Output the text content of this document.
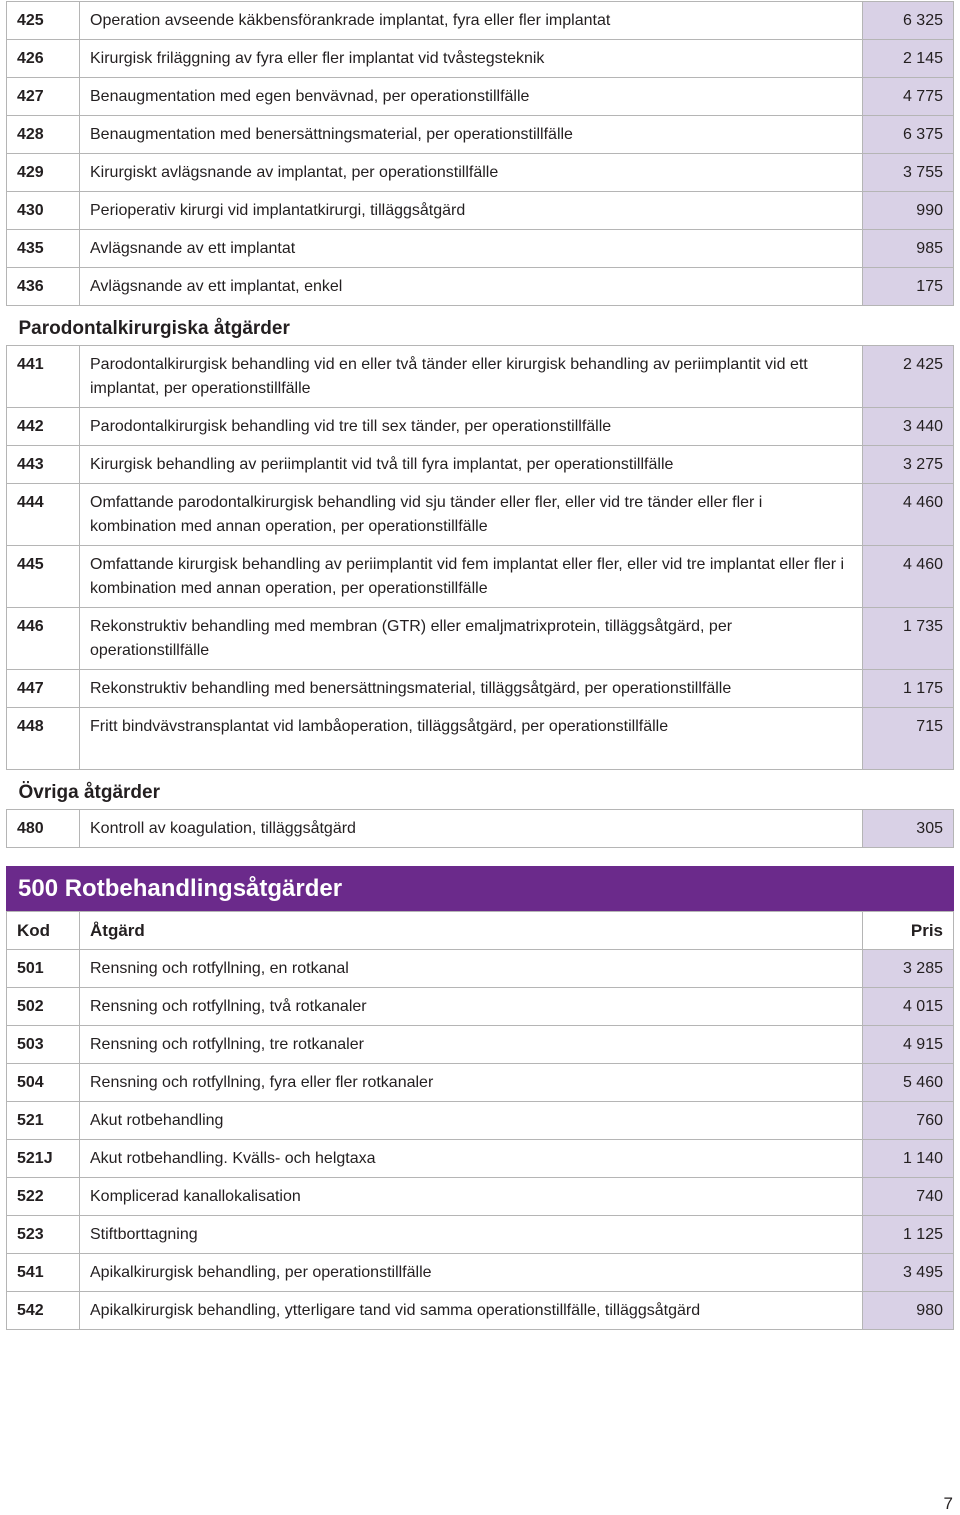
425	Operation avseende käkbensförankrade implantat, fyra eller fler implantat	6 325
426	Kirurgisk friläggning av fyra eller fler implantat vid tvåstegsteknik	2 145
427	Benaugmentation med egen benvävnad, per operationstillfälle	4 775
428	Benaugmentation med benersättningsmaterial, per operationstillfälle	6 375
429	Kirurgiskt avlägsnande av implantat, per operationstillfälle	3 755
430	Perioperativ kirurgi vid implantatkirurgi, tilläggsåtgärd	990
435	Avlägsnande av ett implantat	985
436	Avlägsnande av ett implantat, enkel	175
Parodontalkirurgiska åtgärder		
441	Parodontalkirurgisk behandling vid en eller två tänder eller kirurgisk behandling av periimplantit vid ett implantat, per operationstillfälle	2 425
442	Parodontalkirurgisk behandling vid tre till sex tänder, per operationstillfälle	3 440
443	Kirurgisk behandling av periimplantit vid två till fyra implantat, per operationstillfälle	3 275
444	Omfattande parodontalkirurgisk behandling vid sju tänder eller fler, eller vid tre tänder eller fler i kombination med annan operation, per operationstillfälle	4 460
445	Omfattande kirurgisk behandling av periimplantit vid fem implantat eller fler, eller vid tre implantat eller fler i kombination med annan operation, per operationstillfälle	4 460
446	Rekonstruktiv behandling med membran (GTR) eller emaljmatrixprotein, tilläggsåtgärd, per operationstillfälle	1 735
447	Rekonstruktiv behandling med benersättningsmaterial, tilläggsåtgärd, per operationstillfälle	1 175
448	Fritt bindvävstransplantat vid lambåoperation, tilläggsåtgärd, per operationstillfälle	715
Övriga åtgärder		
480	Kontroll av koagulation, tilläggsåtgärd	305
500 Rotbehandlingsåtgärder
Kod	Åtgärd	Pris
501	Rensning och rotfyllning, en rotkanal	3 285
502	Rensning och rotfyllning, två rotkanaler	4 015
503	Rensning och rotfyllning, tre rotkanaler	4 915
504	Rensning och rotfyllning, fyra eller fler rotkanaler	5 460
521	Akut rotbehandling	760
521J	Akut rotbehandling. Kvälls- och helgtaxa	1 140
522	Komplicerad kanallokalisation	740
523	Stiftborttagning	1 125
541	Apikalkirurgisk behandling, per operationstillfälle	3 495
542	Apikalkirurgisk behandling, ytterligare tand vid samma operationstillfälle, tilläggsåtgärd	980
7
